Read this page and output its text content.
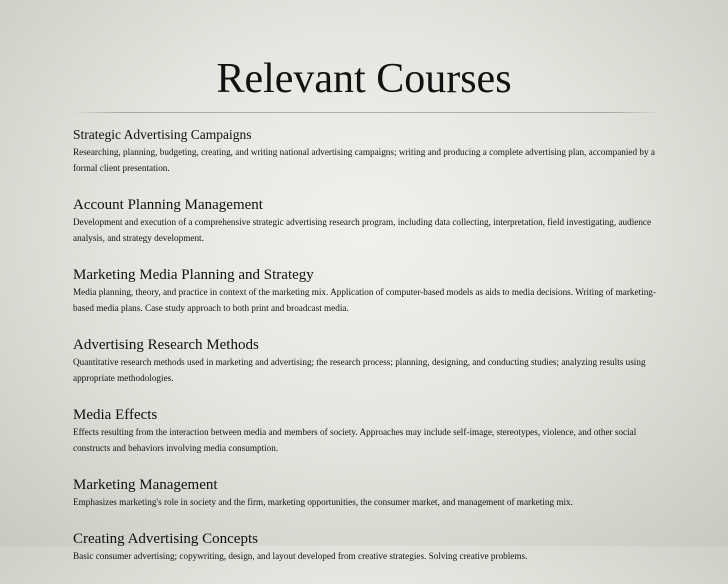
Relevant Courses
Strategic Advertising Campaigns
Researching, planning, budgeting, creating, and writing national advertising campaigns; writing and producing a complete advertising plan, accompanied by a formal client presentation.
Account Planning Management
Development and execution of a comprehensive strategic advertising research program, including data collecting, interpretation, field investigating, audience analysis, and strategy development.
Marketing Media Planning and Strategy
Media planning, theory, and practice in context of the marketing mix. Application of computer-based models as aids to media decisions. Writing of marketing- based media plans. Case study approach to both print and broadcast media.
Advertising Research Methods
Quantitative research methods used in marketing and advertising; the research process; planning, designing, and conducting studies; analyzing results using appropriate methodologies.
Media Effects
Effects resulting from the interaction between media and members of society. Approaches may include self-image, stereotypes, violence, and other social constructs and behaviors involving media consumption.
Marketing Management
Emphasizes marketing's role in society and the firm, marketing opportunities, the consumer market, and management of marketing mix.
Creating Advertising Concepts
Basic consumer advertising; copywriting, design, and layout developed from creative strategies. Solving creative problems.
